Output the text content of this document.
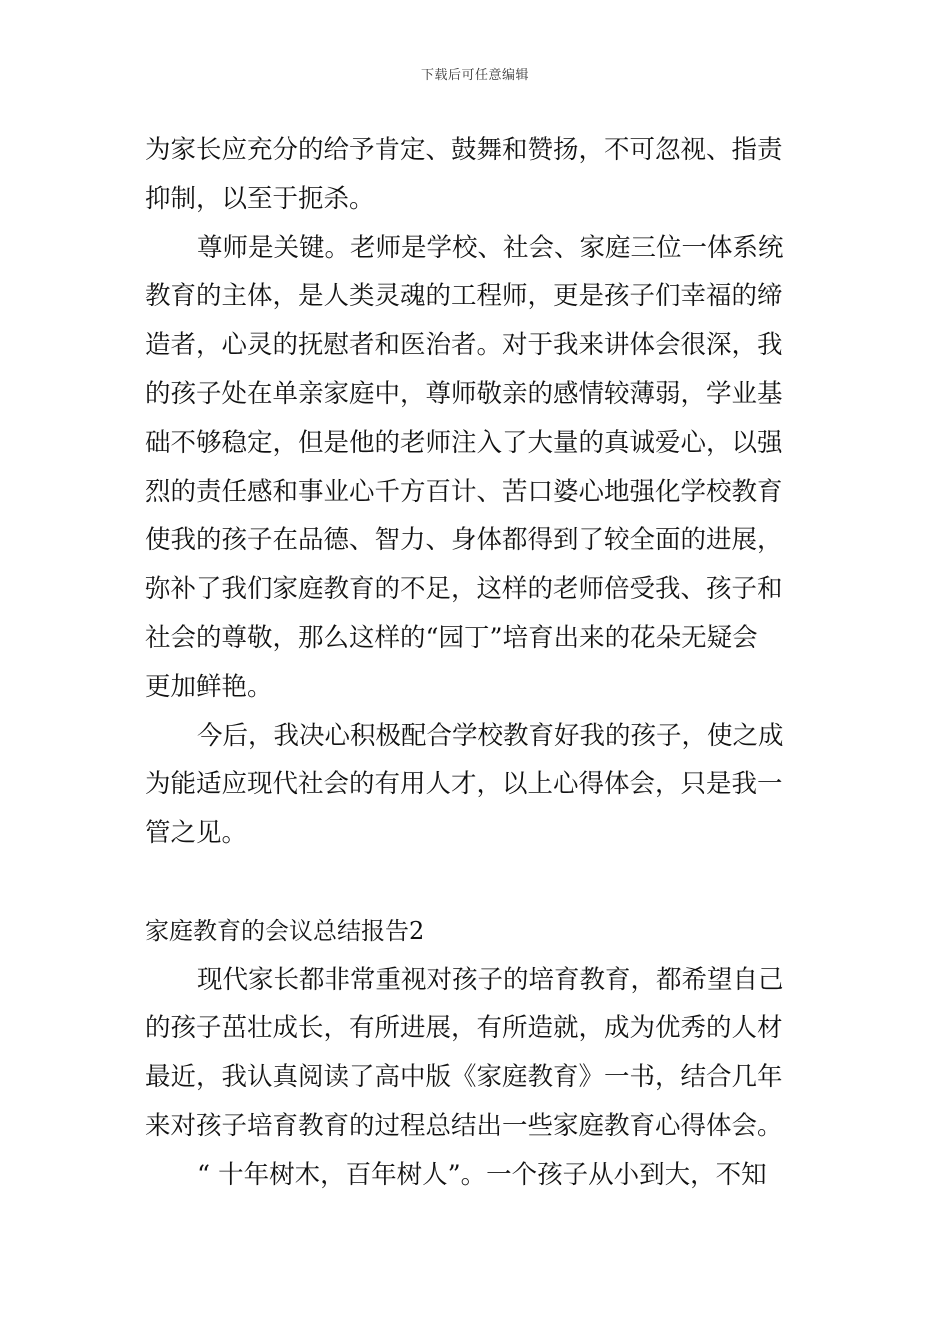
下载后可任意编辑
为家长应充分的给予肯定、鼓舞和赞扬，不可忽视、指责
抑制，以至于扼杀。
尊师是关键。老师是学校、社会、家庭三位一体系统
教育的主体，是人类灵魂的工程师，更是孩子们幸福的缔
造者，心灵的抚慰者和医治者。对于我来讲体会很深，我
的孩子处在单亲家庭中，尊师敬亲的感情较薄弱，学业基
础不够稳定，但是他的老师注入了大量的真诚爱心，以强
烈的责任感和事业心千方百计、苦口婆心地强化学校教育
使我的孩子在品德、智力、身体都得到了较全面的进展，
弥补了我们家庭教育的不足，这样的老师倍受我、孩子和
社会的尊敬，那么这样的“园丁”培育出来的花朵无疑会
更加鲜艳。
今后，我决心积极配合学校教育好我的孩子，使之成
为能适应现代社会的有用人才，以上心得体会，只是我一
管之见。
家庭教育的会议总结报告2
现代家长都非常重视对孩子的培育教育，都希望自己
的孩子茁壮成长，有所进展，有所造就，成为优秀的人材
最近，我认真阅读了高中版《家庭教育》一书，结合几年
来对孩子培育教育的过程总结出一些家庭教育心得体会。
“ 十年树木，百年树人”。一个孩子从小到大，不知
